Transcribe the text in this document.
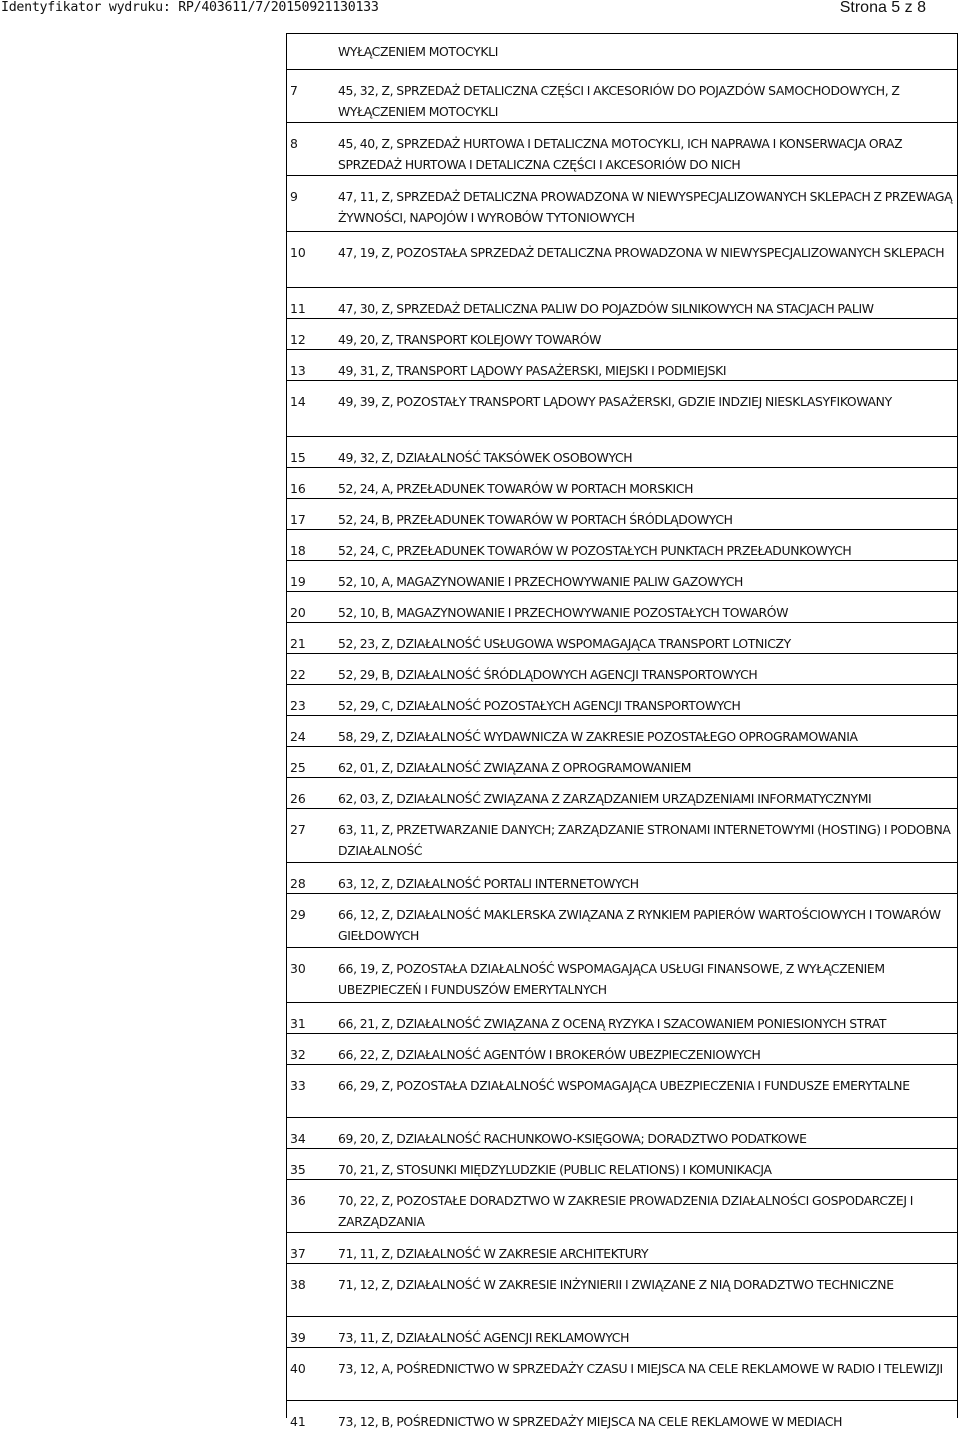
Identyfikator wydruku: RP/403611/7/20150921130133	Strona 5 z 8
WYŁĄCZENIEM MOTOCYKLI
7	45, 32, Z, SPRZEDAŻ DETALICZNA CZĘŚCI I AKCESORIÓW DO POJAZDÓW SAMOCHODOWYCH, Z WYŁĄCZENIEM MOTOCYKLI
8	45, 40, Z, SPRZEDAŻ HURTOWA I DETALICZNA MOTOCYKLI, ICH NAPRAWA I KONSERWACJA ORAZ SPRZEDAŻ HURTOWA I DETALICZNA CZĘŚCI I AKCESORIÓW DO NICH
9	47, 11, Z, SPRZEDAŻ DETALICZNA PROWADZONA W NIEWYSPECJALIZOWANYCH SKLEPACH Z PRZEWAGĄ ŻYWNOŚCI, NAPOJÓW I WYROBÓW TYTONIOWYCH
10	47, 19, Z, POZOSTAŁA SPRZEDAŻ DETALICZNA PROWADZONA W NIEWYSPECJALIZOWANYCH SKLEPACH
11	47, 30, Z, SPRZEDAŻ DETALICZNA PALIW DO POJAZDÓW SILNIKOWYCH NA STACJACH PALIW
12	49, 20, Z, TRANSPORT KOLEJOWY TOWARÓW
13	49, 31, Z, TRANSPORT LĄDOWY PASAŻERSKI, MIEJSKI I PODMIEJSKI
14	49, 39, Z, POZOSTAŁY TRANSPORT LĄDOWY PASAŻERSKI, GDZIE INDZIEJ NIESKLASYFIKOWANY
15	49, 32, Z, DZIAŁALNOŚĆ TAKSÓWEK OSOBOWYCH
16	52, 24, A, PRZEŁADUNEK TOWARÓW W PORTACH MORSKICH
17	52, 24, B, PRZEŁADUNEK TOWARÓW W PORTACH ŚRÓDLĄDOWYCH
18	52, 24, C, PRZEŁADUNEK TOWARÓW W POZOSTAŁYCH PUNKTACH PRZEŁADUNKOWYCH
19	52, 10, A, MAGAZYNOWANIE I PRZECHOWYWANIE PALIW GAZOWYCH
20	52, 10, B, MAGAZYNOWANIE I PRZECHOWYWANIE POZOSTAŁYCH TOWARÓW
21	52, 23, Z, DZIAŁALNOŚĆ USŁUGOWA WSPOMAGAJĄCA TRANSPORT LOTNICZY
22	52, 29, B, DZIAŁALNOŚĆ ŚRÓDLĄDOWYCH AGENCJI TRANSPORTOWYCH
23	52, 29, C, DZIAŁALNOŚĆ POZOSTAŁYCH AGENCJI TRANSPORTOWYCH
24	58, 29, Z, DZIAŁALNOŚĆ WYDAWNICZA W ZAKRESIE POZOSTAŁEGO OPROGRAMOWANIA
25	62, 01, Z, DZIAŁALNOŚĆ ZWIĄZANA Z OPROGRAMOWANIEM
26	62, 03, Z, DZIAŁALNOŚĆ ZWIĄZANA Z ZARZĄDZANIEM URZĄDZENIAMI INFORMATYCZNYMI
27	63, 11, Z, PRZETWARZANIE DANYCH; ZARZĄDZANIE STRONAMI INTERNETOWYMI (HOSTING) I PODOBNA DZIAŁALNOŚĆ
28	63, 12, Z, DZIAŁALNOŚĆ PORTALI INTERNETOWYCH
29	66, 12, Z, DZIAŁALNOŚĆ MAKLERSKA ZWIĄZANA Z RYNKIEM PAPIERÓW WARTOŚCIOWYCH I TOWARÓW GIEŁDOWYCH
30	66, 19, Z, POZOSTAŁA DZIAŁALNOŚĆ WSPOMAGAJĄCA USŁUGI FINANSOWE, Z WYŁĄCZENIEM UBEZPIECZEŃ I FUNDUSZÓW EMERYTALNYCH
31	66, 21, Z, DZIAŁALNOŚĆ ZWIĄZANA Z OCENĄ RYZYKA I SZACOWANIEM PONIESIONYCH STRAT
32	66, 22, Z, DZIAŁALNOŚĆ AGENTÓW I BROKERÓW UBEZPIECZENIOWYCH
33	66, 29, Z, POZOSTAŁA DZIAŁALNOŚĆ WSPOMAGAJĄCA UBEZPIECZENIA I FUNDUSZE EMERYTALNE
34	69, 20, Z, DZIAŁALNOŚĆ RACHUNKOWO-KSIĘGOWA; DORADZTWO PODATKOWE
35	70, 21, Z, STOSUNKI MIĘDZYLUDZKIE (PUBLIC RELATIONS) I KOMUNIKACJA
36	70, 22, Z, POZOSTAŁE DORADZTWO W ZAKRESIE PROWADZENIA DZIAŁALNOŚCI GOSPODARCZEJ I ZARZĄDZANIA
37	71, 11, Z, DZIAŁALNOŚĆ W ZAKRESIE ARCHITEKTURY
38	71, 12, Z, DZIAŁALNOŚĆ W ZAKRESIE INŻYNIERII I ZWIĄZANE Z NIĄ DORADZTWO TECHNICZNE
39	73, 11, Z, DZIAŁALNOŚĆ AGENCJI REKLAMOWYCH
40	73, 12, A, POŚREDNICTWO W SPRZEDAŻY CZASU I MIEJSCA NA CELE REKLAMOWE W RADIO I TELEWIZJI
41	73, 12, B, POŚREDNICTWO W SPRZEDAŻY MIEJSCA NA CELE REKLAMOWE W MEDIACH
